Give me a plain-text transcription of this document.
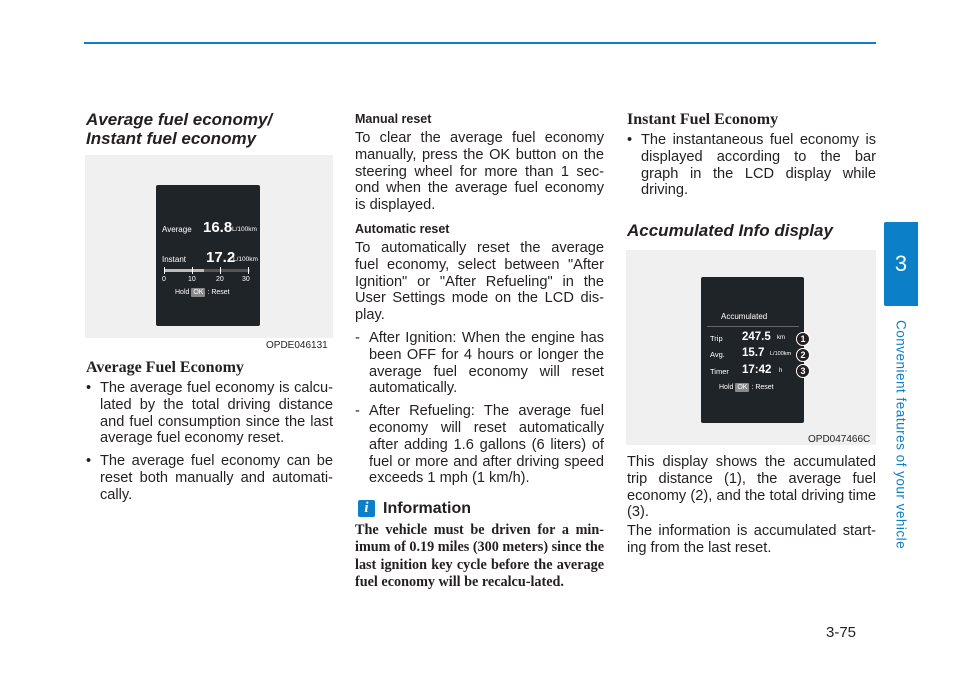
3
Convenient features of your vehicle
3-75
Average fuel economy/
Instant fuel economy
Average 16.8 L/100km
Instant 17.2
L/100km
0	10	20	30
Hold OK : Reset
OPDE046131
Average Fuel Economy
• The average fuel economy is calcu-lated by the total driving distance and fuel consumption since the last average fuel economy reset.
• The average fuel economy can be reset both manually and automati-cally.
Manual reset
To clear the average fuel economy manually, press the OK button on the steering wheel for more than 1 sec-ond when the average fuel economy is displayed.
Automatic reset
To automatically reset the average fuel economy, select between "After Ignition" or "After Refueling" in the User Settings mode on the LCD dis-play.
- After Ignition: When the engine has been OFF for 4 hours or longer the average fuel economy will reset automatically.
- After Refueling: The average fuel economy will reset automatically after adding 1.6 gallons (6 liters) of fuel or more and after driving speed exceeds 1 mph (1 km/h).
i Information
The vehicle must be driven for a min-imum of 0.19 miles (300 meters) since the last ignition key cycle before the average fuel economy will be recalcu-lated.
Instant Fuel Economy
• The instantaneous fuel economy is displayed according to the bar graph in the LCD display while driving.
Accumulated Info display
Accumulated
Trip 247.5 km
Avg. 15.7 L/100km
Timer 17:42 h
Hold OK : Reset
1
2
3
OPD047466C
This display shows the accumulated trip distance (1), the average fuel economy (2), and the total driving time (3).
The information is accumulated start-ing from the last reset.
